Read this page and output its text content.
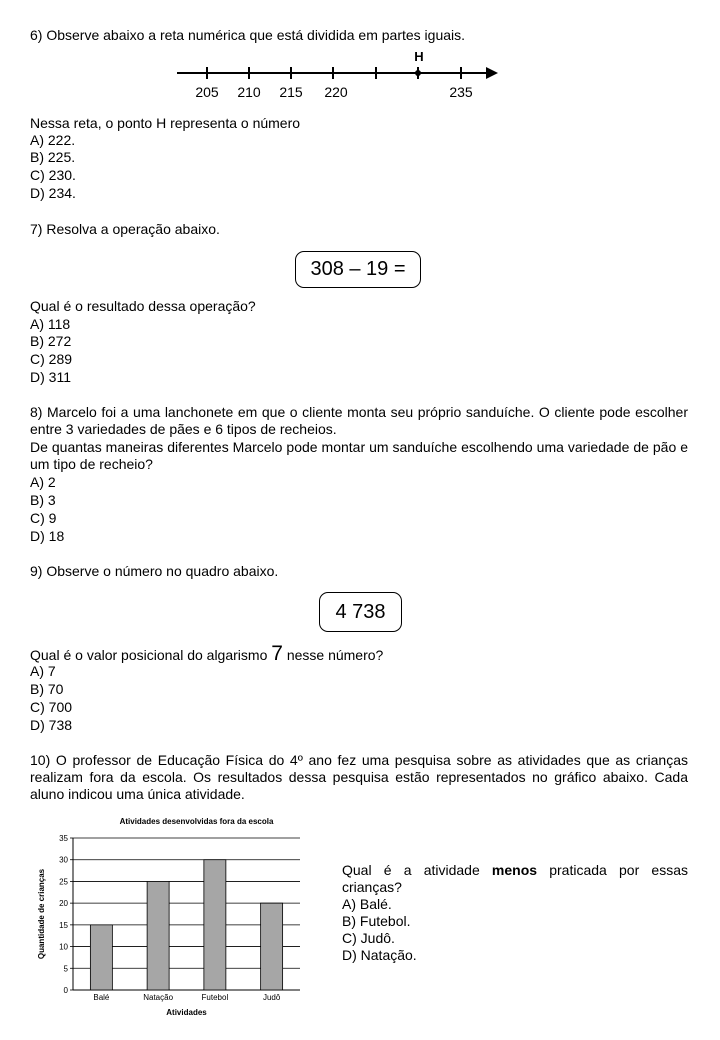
6) Observe abaixo a reta numérica que está dividida em partes iguais.
H
205 210 215 220	235
Nessa reta, o ponto H representa o número
A) 222.
B) 225.
C) 230.
D) 234.
7) Resolva a operação abaixo.
308 – 19 =
Qual é o resultado dessa operação?
A) 118
B) 272
C) 289
D) 311
8) Marcelo foi a uma lanchonete em que o cliente monta seu próprio sanduíche. O cliente pode escolher entre 3 variedades de pães e 6 tipos de recheios.
De quantas maneiras diferentes Marcelo pode montar um sanduíche escolhendo uma variedade de pão e um tipo de recheio?
A) 2
B) 3
C) 9
D) 18
9) Observe o número no quadro abaixo.
4 738
Qual é o valor posicional do algarismo 7 nesse número?
A) 7
B) 70
C) 700
D) 738
10) O professor de Educação Física do 4º ano fez uma pesquisa sobre as atividades que as crianças realizam fora da escola. Os resultados dessa pesquisa estão representados no gráfico abaixo. Cada aluno indicou uma única atividade.
Atividades desenvolvidas fora da escola
0
5
10
15
20
25
30
35
Balé	Natação	Futebol	Judô
Atividades
Quantidade de crianças	Qual é a atividade menos praticada por essas crianças?
A) Balé.
B) Futebol.
C) Judô.
D) Natação.
